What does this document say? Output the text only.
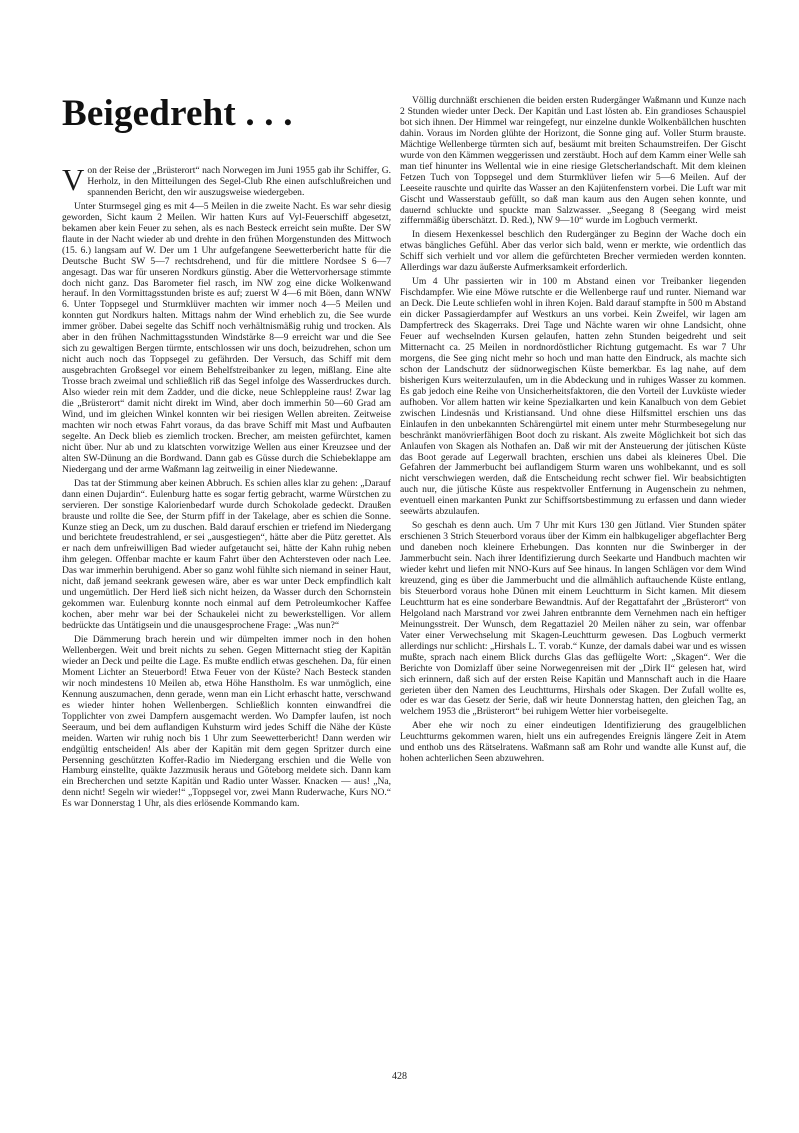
Beigedreht . . .

Von der Reise der „Brüsterort“ nach Norwegen im Juni 1955 gab ihr Schiffer, G. Herholz, in den Mitteilungen des Segel-Club Rhe einen aufschlußreichen und spannenden Bericht, den wir auszugsweise wiedergeben.

Unter Sturmsegel ging es mit 4—5 Meilen in die zweite Nacht. Es war sehr diesig geworden, Sicht kaum 2 Meilen. Wir hatten Kurs auf Vyl-Feuerschiff abgesetzt, bekamen aber kein Feuer zu sehen, als es nach Besteck erreicht sein mußte. Der SW flaute in der Nacht wieder ab und drehte in den frühen Morgenstunden des Mittwoch (15. 6.) langsam auf W. Der um 1 Uhr aufgefangene Seewetterbericht hatte für die Deutsche Bucht SW 5—7 rechtsdrehend, und für die mittlere Nordsee S 6—7 angesagt. Das war für unseren Nordkurs günstig. Aber die Wettervorhersage stimmte doch nicht ganz. Das Barometer fiel rasch, im NW zog eine dicke Wolkenwand herauf. In den Vormittagsstunden briste es auf; zuerst W 4—6 mit Böen, dann WNW 6. Unter Toppsegel und Sturmklüver machten wir immer noch 4—5 Meilen und konnten gut Nordkurs halten. Mittags nahm der Wind erheblich zu, die See wurde immer gröber. Dabei segelte das Schiff noch verhältnismäßig ruhig und trocken. Als aber in den frühen Nachmittagsstunden Windstärke 8—9 erreicht war und die See sich zu gewaltigen Bergen türmte, entschlossen wir uns doch, beizudrehen, schon um nicht auch noch das Toppsegel zu gefährden. Der Versuch, das Schiff mit dem ausgebrachten Großsegel vor einem Behelfstreibanker zu legen, mißlang. Eine alte Trosse brach zweimal und schließlich riß das Segel infolge des Wasserdruckes durch. Also wieder rein mit dem Zadder, und die dicke, neue Schleppleine raus! Zwar lag die „Brüsterort“ damit nicht direkt im Wind, aber doch immerhin 50—60 Grad am Wind, und im gleichen Winkel konnten wir bei riesigen Wellen abreiten. Zeitweise machten wir noch etwas Fahrt voraus, da das brave Schiff mit Mast und Aufbauten segelte. An Deck blieb es ziemlich trocken. Brecher, am meisten gefürchtet, kamen nicht über. Nur ab und zu klatschten vorwitzige Wellen aus einer Kreuzsee und der alten SW-Dünung an die Bordwand. Dann gab es Güsse durch die Schiebeklappe am Niedergang und der arme Waßmann lag zeitweilig in einer Niedewanne.

Das tat der Stimmung aber keinen Abbruch. Es schien alles klar zu gehen: „Darauf dann einen Dujardin“. Eulenburg hatte es sogar fertig gebracht, warme Würstchen zu servieren. Der sonstige Kalorienbedarf wurde durch Schokolade gedeckt. Draußen brauste und rollte die See, der Sturm pfiff in der Takelage, aber es schien die Sonne. Kunze stieg an Deck, um zu duschen. Bald darauf erschien er triefend im Niedergang und berichtete freudestrahlend, er sei „ausgestiegen“, hätte aber die Pütz gerettet. Als er nach dem unfreiwilligen Bad wieder aufgetaucht sei, hätte der Kahn ruhig neben ihm gelegen. Offenbar machte er kaum Fahrt über den Achtersteven oder nach Lee. Das war immerhin beruhigend. Aber so ganz wohl fühlte sich niemand in seiner Haut, nicht, daß jemand seekrank gewesen wäre, aber es war unter Deck empfindlich kalt und ungemütlich. Der Herd ließ sich nicht heizen, da Wasser durch den Schornstein gekommen war. Eulenburg konnte noch einmal auf dem Petroleumkocher Kaffee kochen, aber mehr war bei der Schaukelei nicht zu bewerkstelligen. Vor allem bedrückte das Untätigsein und die unausgesprochene Frage: „Was nun?“

Die Dämmerung brach herein und wir dümpelten immer noch in den hohen Wellenbergen. Weit und breit nichts zu sehen. Gegen Mitternacht stieg der Kapitän wieder an Deck und peilte die Lage. Es mußte endlich etwas geschehen. Da, für einen Moment Lichter an Steuerbord! Etwa Feuer von der Küste? Nach Besteck standen wir noch mindestens 10 Meilen ab, etwa Höhe Hanstholm. Es war unmöglich, eine Kennung auszumachen, denn gerade, wenn man ein Licht erhascht hatte, verschwand es wieder hinter hohen Wellenbergen. Schließlich konnten einwandfrei die Topplichter von zwei Dampfern ausgemacht werden. Wo Dampfer laufen, ist noch Seeraum, und bei dem auflandigen Kuhsturm wird jedes Schiff die Nähe der Küste meiden. Warten wir ruhig noch bis 1 Uhr zum Seewetterbericht! Dann werden wir endgültig entscheiden! Als aber der Kapitän mit dem gegen Spritzer durch eine Persenning geschützten Koffer-Radio im Niedergang erschien und die Welle von Hamburg einstellte, quäkte Jazzmusik heraus und Göteborg meldete sich. Dann kam ein Brecherchen und setzte Kapitän und Radio unter Wasser. Knacken — aus! „Na, denn nicht! Segeln wir wieder!“ „Toppsegel vor, zwei Mann Ruderwache, Kurs NO.“ Es war Donnerstag 1 Uhr, als dies erlösende Kommando kam.

Völlig durchnäßt erschienen die beiden ersten Rudergänger Waßmann und Kunze nach 2 Stunden wieder unter Deck. Der Kapitän und Last lösten ab. Ein grandioses Schauspiel bot sich ihnen. Der Himmel war reingefegt, nur einzelne dunkle Wolkenbällchen huschten dahin. Voraus im Norden glühte der Horizont, die Sonne ging auf. Voller Sturm brauste. Mächtige Wellenberge türmten sich auf, besäumt mit breiten Schaumstreifen. Der Gischt wurde von den Kämmen weggerissen und zerstäubt. Hoch auf dem Kamm einer Welle sah man tief hinunter ins Wellental wie in eine riesige Gletscherlandschaft. Mit dem kleinen Fetzen Tuch von Toppsegel und dem Sturmklüver liefen wir 5—6 Meilen. Auf der Leeseite rauschte und quirlte das Wasser an den Kajütenfenstern vorbei. Die Luft war mit Gischt und Wasserstaub gefüllt, so daß man kaum aus den Augen sehen konnte, und dauernd schluckte und spuckte man Salzwasser. „Seegang 8 (Seegang wird meist ziffernmäßig überschätzt. D. Red.), NW 9—10“ wurde im Logbuch vermerkt.

In diesem Hexenkessel beschlich den Rudergänger zu Beginn der Wache doch ein etwas bängliches Gefühl. Aber das verlor sich bald, wenn er merkte, wie ordentlich das Schiff sich verhielt und vor allem die gefürchteten Brecher vermieden werden konnten. Allerdings war dazu äußerste Aufmerksamkeit erforderlich.

Um 4 Uhr passierten wir in 100 m Abstand einen vor Treibanker liegenden Fischdampfer. Wie eine Möwe rutschte er die Wellenberge rauf und runter. Niemand war an Deck. Die Leute schliefen wohl in ihren Kojen. Bald darauf stampfte in 500 m Abstand ein dicker Passagierdampfer auf Westkurs an uns vorbei. Kein Zweifel, wir lagen am Dampfertreck des Skagerraks. Drei Tage und Nächte waren wir ohne Landsicht, ohne Feuer auf wechselnden Kursen gelaufen, hatten zehn Stunden beigedreht und seit Mitternacht ca. 25 Meilen in nordnordöstlicher Richtung gutgemacht. Es war 7 Uhr morgens, die See ging nicht mehr so hoch und man hatte den Eindruck, als machte sich schon der Landschutz der südnorwegischen Küste bemerkbar. Es lag nahe, auf dem bisherigen Kurs weiterzulaufen, um in die Abdeckung und in ruhiges Wasser zu kommen. Es gab jedoch eine Reihe von Unsicherheitsfaktoren, die den Vorteil der Luvküste wieder aufhoben. Vor allem hatten wir keine Spezialkarten und kein Kanalbuch von dem Gebiet zwischen Lindesnäs und Kristiansand. Und ohne diese Hilfsmittel erschien uns das Einlaufen in den unbekannten Schärengürtel mit einem unter mehr Sturmbesegelung nur beschränkt manövrierfähigen Boot doch zu riskant. Als zweite Möglichkeit bot sich das Anlaufen von Skagen als Nothafen an. Daß wir mit der Ansteuerung der jütischen Küste das Boot gerade auf Legerwall brachten, erschien uns dabei als kleineres Übel. Die Gefahren der Jammerbucht bei auflandigem Sturm waren uns wohlbekannt, und es soll nicht verschwiegen werden, daß die Entscheidung recht schwer fiel. Wir beabsichtigten auch nur, die jütische Küste aus respektvoller Entfernung in Augenschein zu nehmen, eventuell einen markanten Punkt zur Schiffsortsbestimmung zu erfassen und dann wieder seewärts abzulaufen.

So geschah es denn auch. Um 7 Uhr mit Kurs 130 gen Jütland. Vier Stunden später erschienen 3 Strich Steuerbord voraus über der Kimm ein halbkugeliger abgeflachter Berg und daneben noch kleinere Erhebungen. Das konnten nur die Swinberger in der Jammerbucht sein. Nach ihrer Identifizierung durch Seekarte und Handbuch machten wir wieder kehrt und liefen mit NNO-Kurs auf See hinaus. In langen Schlägen vor dem Wind kreuzend, ging es über die Jammerbucht und die allmählich auftauchende Küste entlang, bis Steuerbord voraus hohe Dünen mit einem Leuchtturm in Sicht kamen. Mit diesem Leuchtturm hat es eine sonderbare Bewandtnis. Auf der Regattafahrt der „Brüsterort“ von Helgoland nach Marstrand vor zwei Jahren entbrannte dem Vernehmen nach ein heftiger Meinungsstreit. Der Wunsch, dem Regattaziel 20 Meilen näher zu sein, war offenbar Vater einer Verwechselung mit Skagen-Leuchtturm gewesen. Das Logbuch vermerkt allerdings nur schlicht: „Hirshals L. T. vorab.“ Kunze, der damals dabei war und es wissen mußte, sprach nach einem Blick durchs Glas das geflügelte Wort: „Skagen“. Wer die Berichte von Domizlaff über seine Norwegenreisen mit der „Dirk II“ gelesen hat, wird sich erinnern, daß sich auf der ersten Reise Kapitän und Mannschaft auch in die Haare gerieten über den Namen des Leuchtturms, Hirshals oder Skagen. Der Zufall wollte es, oder es war das Gesetz der Serie, daß wir heute Donnerstag hatten, den gleichen Tag, an welchem 1953 die „Brüsterort“ bei ruhigem Wetter hier vorbeisegelte.

Aber ehe wir noch zu einer eindeutigen Identifizierung des graugelblichen Leuchtturms gekommen waren, hielt uns ein aufregendes Ereignis längere Zeit in Atem und enthob uns des Rätselratens. Waßmann saß am Rohr und wandte alle Kunst auf, die hohen achterlichen Seen abzuwehren.

428
